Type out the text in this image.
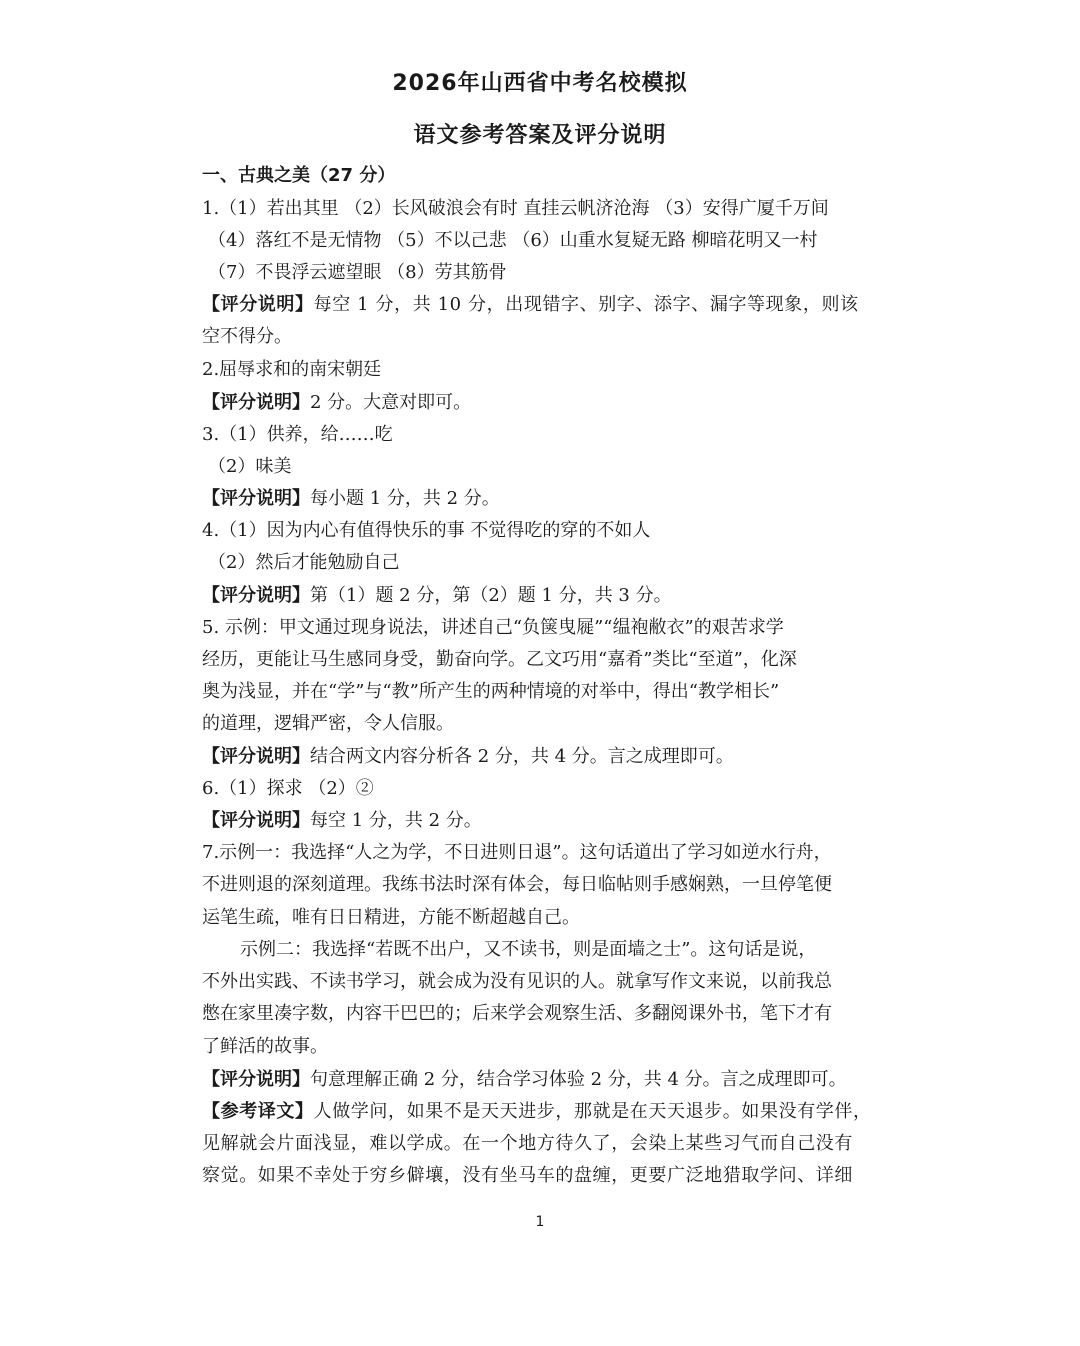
2026年山西省中考名校模拟
语文参考答案及评分说明
一、古典之美（27 分）
1.（1）若出其里 （2）长风破浪会有时 直挂云帆济沧海 （3）安得广厦千万间
（4）落红不是无情物 （5）不以己悲 （6）山重水复疑无路 柳暗花明又一村
（7）不畏浮云遮望眼 （8）劳其筋骨
【评分说明】每空 1 分，共 10 分，出现错字、别字、添字、漏字等现象，则该
空不得分。
2.屈辱求和的南宋朝廷
【评分说明】2 分。大意对即可。
3.（1）供养，给……吃
（2）味美
【评分说明】每小题 1 分，共 2 分。
4.（1）因为内心有值得快乐的事 不觉得吃的穿的不如人
（2）然后才能勉励自己
【评分说明】第（1）题 2 分，第（2）题 1 分，共 3 分。
5. 示例：甲文通过现身说法，讲述自己“负箧曳屣”“缊袍敝衣”的艰苦求学
经历，更能让马生感同身受，勤奋向学。乙文巧用“嘉肴”类比“至道”，化深
奥为浅显，并在“学”与“教”所产生的两种情境的对举中，得出“教学相长”
的道理，逻辑严密，令人信服。
【评分说明】结合两文内容分析各 2 分，共 4 分。言之成理即可。
6.（1）探求 （2）②
【评分说明】每空 1 分，共 2 分。
7.示例一：我选择“人之为学，不日进则日退”。这句话道出了学习如逆水行舟，
不进则退的深刻道理。我练书法时深有体会，每日临帖则手感娴熟，一旦停笔便
运笔生疏，唯有日日精进，方能不断超越自己。
示例二：我选择“若既不出户，又不读书，则是面墙之士”。这句话是说，
不外出实践、不读书学习，就会成为没有见识的人。就拿写作文来说，以前我总
憋在家里凑字数，内容干巴巴的；后来学会观察生活、多翻阅课外书，笔下才有
了鲜活的故事。
【评分说明】句意理解正确 2 分，结合学习体验 2 分，共 4 分。言之成理即可。
【参考译文】人做学问，如果不是天天进步，那就是在天天退步。如果没有学伴，
见解就会片面浅显，难以学成。在一个地方待久了，会染上某些习气而自己没有
察觉。如果不幸处于穷乡僻壤，没有坐马车的盘缠，更要广泛地猎取学问、详细
1
